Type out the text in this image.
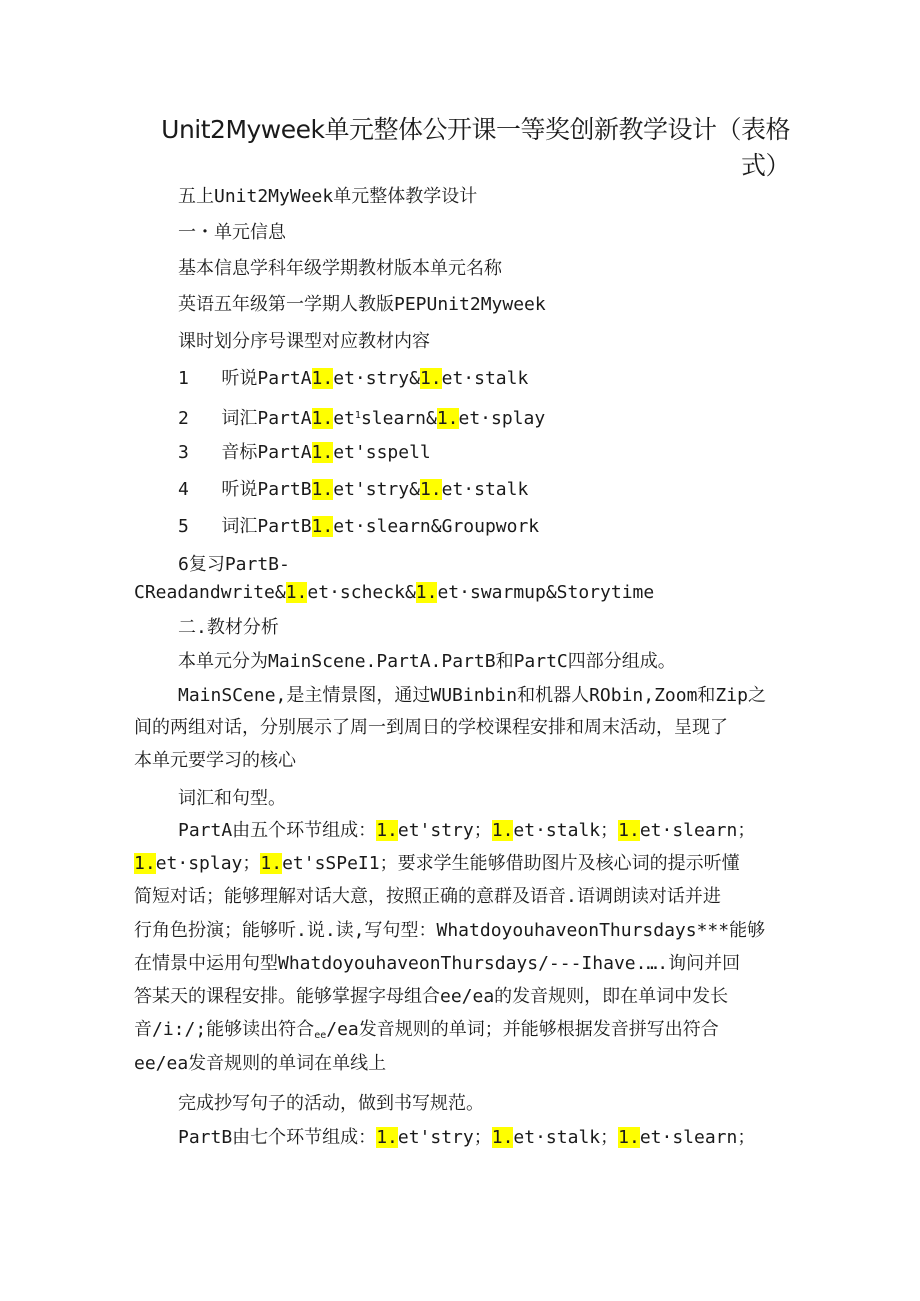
Unit2Myweek单元整体公开课一等奖创新教学设计（表格式）
五上Unit2MyWeek单元整体教学设计
一・单元信息
基本信息学科年级学期教材版本单元名称
英语五年级第一学期人教版PEPUnit2Myweek
课时划分序号课型对应教材内容
1 听说PartA1.et·stry&1.et·stalk
2 词汇$PartA1.et^1slearn\&1.et\cdot splay$
3 音标PartA1.et'sspell
4 听说PartB1.et'stry&1.et·stalk
5 词汇PartB1.et·slearn&Groupwork
6复习PartB-
CReadandwrite&1.et·scheck&1.et·swarmup&Storytime
二.教材分析
本单元分为MainScene.PartA.PartB和PartC四部分组成。
MainSCene,是主情景图，通过WUBinbin和机器人RObin,Zoom和Zip之
间的两组对话，分别展示了周一到周日的学校课程安排和周末活动，呈现了
本单元要学习的核心
词汇和句型。
PartA由五个环节组成：1.et'stry；1.et·stalk；1.et·slearn；
1.et·splay；1.et'sSPeI1；要求学生能够借助图片及核心词的提示听懂
简短对话；能够理解对话大意，按照正确的意群及语音.语调朗读对话并进
行角色扮演；能够听.说.读,写句型：WhatdoyouhaveonThursdays***能够
在情景中运用句型WhatdoyouhaveonThursdays/---Ihave.….询问并回
答某天的课程安排。能够掌握字母组合ee/ea的发音规则，即在单词中发长
音/i:/;能够读出符合$_{ee}$/ea发音规则的单词；并能够根据发音拼写出符合
ee/ea发音规则的单词在单线上
完成抄写句子的活动，做到书写规范。
PartB由七个环节组成：1.et'stry；1.et·stalk；1.et·slearn；
